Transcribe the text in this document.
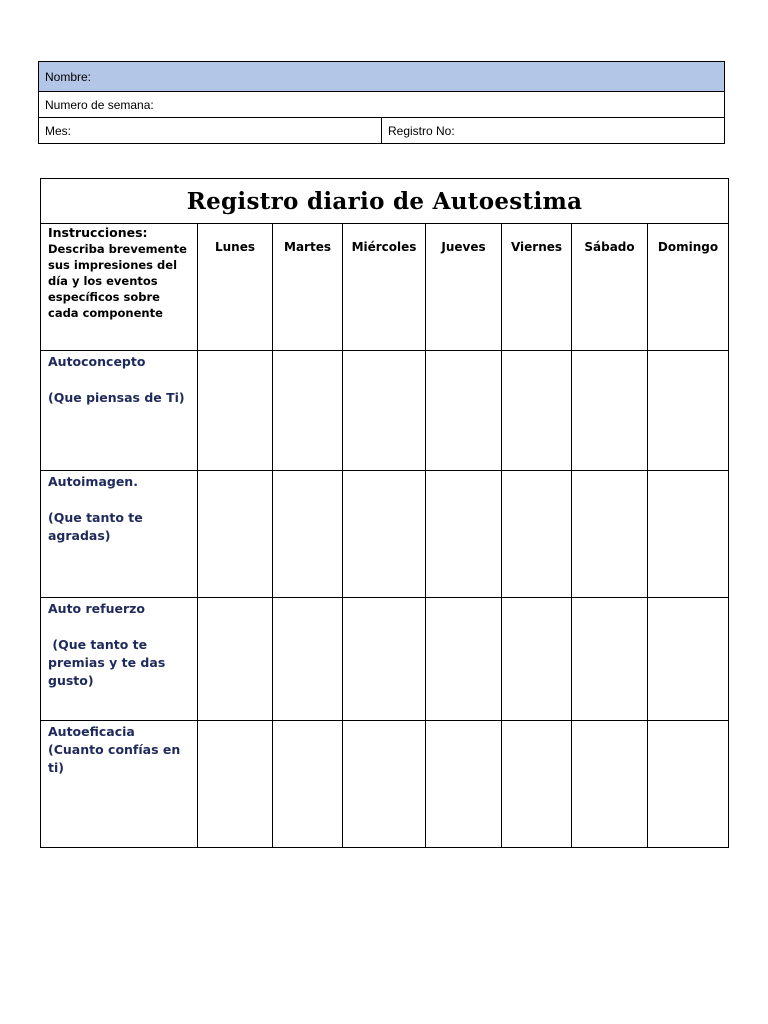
Nombre:
Numero de semana:
Mes:	Registro No:
Registro diario de Autoestima							
Instrucciones:
Describa brevemente sus impresiones del día y los eventos específicos sobre cada componente	Lunes	Martes	Miércoles	Jueves	Viernes	Sábado	Domingo

Autoconcepto
(Que piensas de Ti)							

Autoimagen.
(Que tanto te agradas)							

Auto refuerzo
(Que tanto te premias y te das gusto)							

Autoeficacia
(Cuanto confías en ti)							
